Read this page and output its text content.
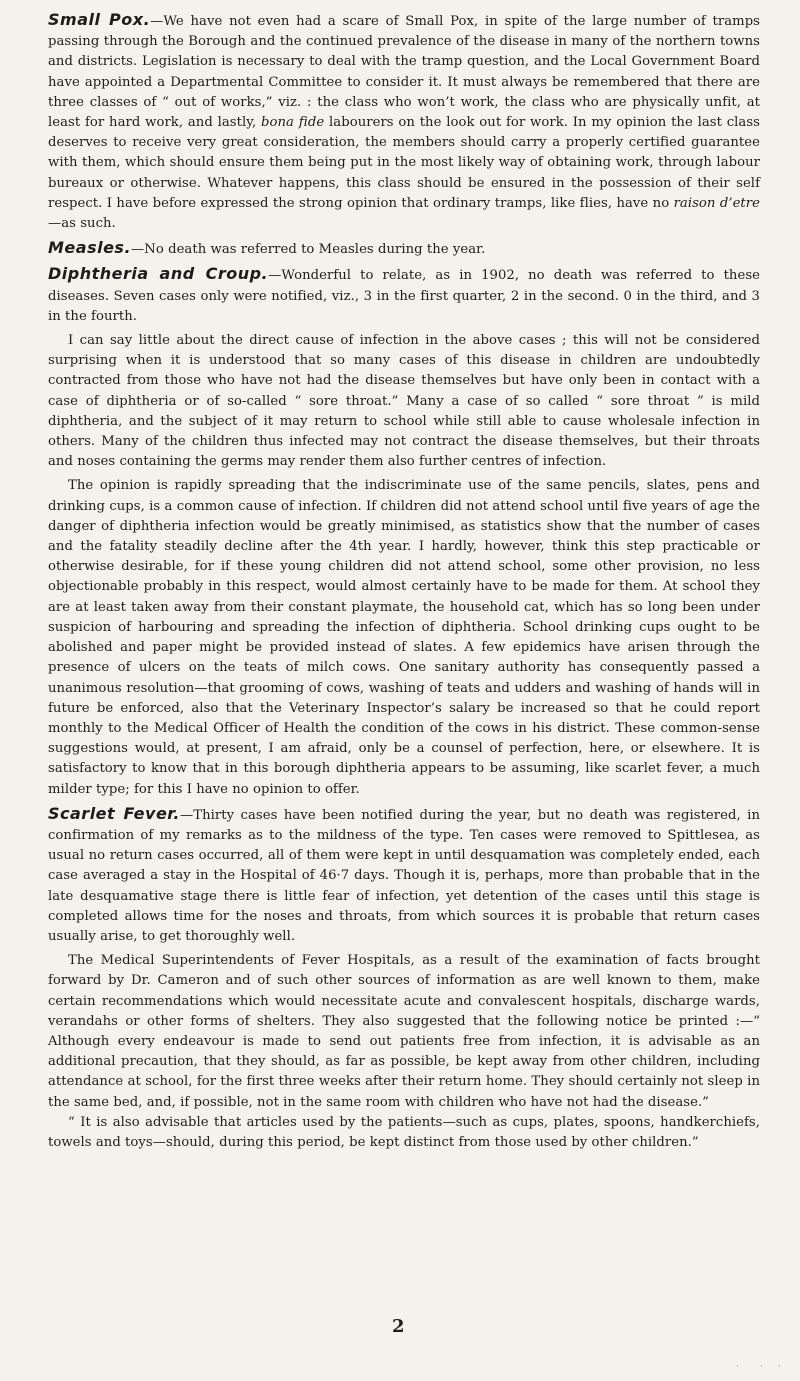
Small Pox.—We have not even had a scare of Small Pox, in spite of the large number of tramps passing through the Borough and the continued prevalence of the disease in many of the northern towns and districts. Legislation is necessary to deal with the tramp question, and the Local Government Board have appointed a Departmental Committee to consider it. It must always be remembered that there are three classes of “ out of works,” viz. : the class who won’t work, the class who are physically unfit, at least for hard work, and lastly, bona fide labourers on the look out for work. In my opinion the last class deserves to receive very great consideration, the members should carry a properly certified guarantee with them, which should ensure them being put in the most likely way of obtaining work, through labour bureaux or otherwise. Whatever happens, this class should be ensured in the possession of their self respect. I have before expressed the strong opinion that ordinary tramps, like flies, have no raison d’etre—as such.

Measles.—No death was referred to Measles during the year.

Diphtheria and Croup.—Wonderful to relate, as in 1902, no death was referred to these diseases. Seven cases only were notified, viz., 3 in the first quarter, 2 in the second. 0 in the third, and 3 in the fourth.

I can say little about the direct cause of infection in the above cases ; this will not be considered surprising when it is understood that so many cases of this disease in children are undoubtedly contracted from those who have not had the disease themselves but have only been in contact with a case of diphtheria or of so-called “ sore throat.” Many a case of so called “ sore throat ” is mild diphtheria, and the subject of it may return to school while still able to cause wholesale infection in others. Many of the children thus infected may not contract the disease themselves, but their throats and noses containing the germs may render them also further centres of infection.

The opinion is rapidly spreading that the indiscriminate use of the same pencils, slates, pens and drinking cups, is a common cause of infection. If children did not attend school until five years of age the danger of diphtheria infection would be greatly minimised, as statistics show that the number of cases and the fatality steadily decline after the 4th year. I hardly, however, think this step practicable or otherwise desirable, for if these young children did not attend school, some other provision, no less objectionable probably in this respect, would almost certainly have to be made for them. At school they are at least taken away from their constant playmate, the household cat, which has so long been under suspicion of harbouring and spreading the infection of diphtheria. School drinking cups ought to be abolished and paper might be provided instead of slates. A few epidemics have arisen through the presence of ulcers on the teats of milch cows. One sanitary authority has consequently passed a unanimous resolution—that grooming of cows, washing of teats and udders and washing of hands will in future be enforced, also that the Veterinary Inspector’s salary be increased so that he could report monthly to the Medical Officer of Health the condition of the cows in his district. These common-sense suggestions would, at present, I am afraid, only be a counsel of perfection, here, or elsewhere. It is satisfactory to know that in this borough diphtheria appears to be assuming, like scarlet fever, a much milder type; for this I have no opinion to offer.

Scarlet Fever.—Thirty cases have been notified during the year, but no death was registered, in confirmation of my remarks as to the mildness of the type. Ten cases were removed to Spittlesea, as usual no return cases occurred, all of them were kept in until desquamation was completely ended, each case averaged a stay in the Hospital of 46·7 days. Though it is, perhaps, more than probable that in the late desquamative stage there is little fear of infection, yet detention of the cases until this stage is completed allows time for the noses and throats, from which sources it is probable that return cases usually arise, to get thoroughly well.

The Medical Superintendents of Fever Hospitals, as a result of the examination of facts brought forward by Dr. Cameron and of such other sources of information as are well known to them, make certain recommendations which would necessitate acute and convalescent hospitals, discharge wards, verandahs or other forms of shelters. They also suggested that the following notice be printed :—“ Although every endeavour is made to send out patients free from infection, it is advisable as an additional precaution, that they should, as far as possible, be kept away from other children, including attendance at school, for the first three weeks after their return home. They should certainly not sleep in the same bed, and, if possible, not in the same room with children who have not had the disease.”

“ It is also advisable that articles used by the patients—such as cups, plates, spoons, handkerchiefs, towels and toys—should, during this period, be kept distinct from those used by other children.”

2
· · ·
